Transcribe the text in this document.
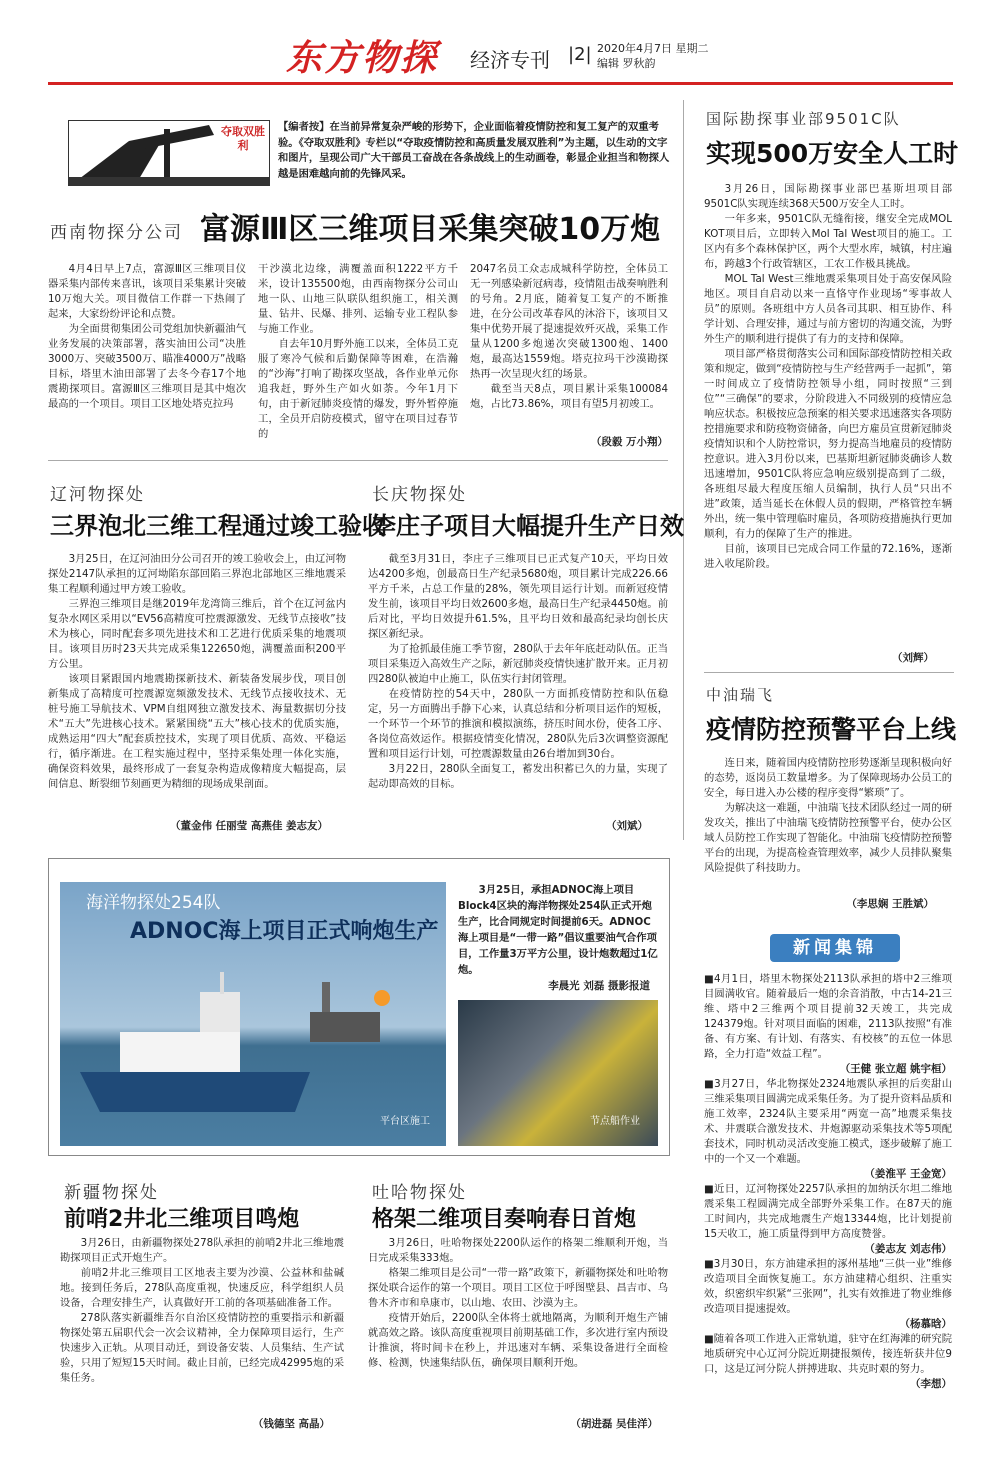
东方物探 经济专刊 |2| 2020年4月7日 星期二
编辑 罗秋韵
夺取双胜利
【编者按】在当前异常复杂严峻的形势下，企业面临着疫情防控和复工复产的双重考验。《夺取双胜利》专栏以“夺取疫情防控和高质量发展双胜利”为主题，以生动的文字和图片，呈现公司广大干部员工奋战在各条战线上的生动画卷，彰显企业担当和物探人越是困难越向前的先锋风采。
西南物探分公司 富源Ⅲ区三维项目采集突破10万炮

4月4日早上7点，富源Ⅲ区三维项目仪器采集内部传来喜讯，该项目采集累计突破10万炮大关。项目微信工作群一下热闹了起来，大家纷纷评论和点赞。

为全面贯彻集团公司党组加快新疆油气业务发展的决策部署，落实油田公司“决胜3000万、突破3500万、瞄准4000万”战略目标，塔里木油田部署了去冬今春17个地震勘探项目。富源Ⅲ区三维项目是其中炮次最高的一个项目。项目工区地处塔克拉玛

干沙漠北边缘，满覆盖面积1222平方千米，设计135500炮，由西南物探分公司山地一队、山地三队联队组织施工，相关测量、钻井、民爆、排列、运输专业工程队参与施工作业。

自去年10月野外施工以来，全体员工克服了寒冷气候和后勤保障等困难，在浩瀚的“沙海”打响了勘探攻坚战，各作业单元你追我赶，野外生产如火如荼。今年1月下旬，由于新冠肺炎疫情的爆发，野外暂停施工，全员开启防疫模式，留守在项目过春节的

2047名员工众志成城科学防控，全体员工无一列感染新冠病毒，疫情阻击战奏响胜利的号角。2月底，随着复工复产的不断推进，在分公司改革春风的沐浴下，该项目又集中优势开展了提速提效歼灭战，采集工作量从1200多炮递次突破1300炮、1400炮，最高达1559炮。塔克拉玛干沙漠勘探热再一次呈现火红的场景。

截至当天8点，项目累计采集100084炮，占比73.86%，项目有望5月初竣工。

（段毅 万小翔）
辽河物探处
三界泡北三维工程通过竣工验收

3月25日，在辽河油田分公司召开的竣工验收会上，由辽河物探处2147队承担的辽河坳陷东部回陷三界泡北部地区三维地震采集工程顺利通过甲方竣工验收。

三界泡三维项目是继2019年龙湾筒三维后，首个在辽河盆内复杂水网区采用以“EV56高精度可控震源激发、无线节点接收”技术为核心，同时配套多项先进技术和工艺进行优质采集的地震项目。该项目历时23天共完成采集122650炮，满覆盖面积200平方公里。

该项目紧跟国内地震勘探新技术、新装备发展步伐，项目创新集成了高精度可控震源宽频激发技术、无线节点接收技术、无桩号施工导航技术、VPM自组网独立激发技术、海量数据切分技术“五大”先进核心技术。紧紧围绕“五大”核心技术的优质实施，成熟运用“四大”配套质控技术，实现了项目优质、高效、平稳运行，循序渐进。在工程实施过程中，坚持采集处理一体化实施，确保资料效果，最终形成了一套复杂构造成像精度大幅提高，层间信息、断裂细节刻画更为精细的现场成果剖面。

（董金伟 任丽莹 高燕佳 姜志友）
长庆物探处
李庄子项目大幅提升生产日效

截至3月31日，李庄子三维项目已正式复产10天，平均日效达4200多炮，创最高日生产纪录5680炮，项目累计完成226.66平方千米，占总工作量的28%，领先项目运行计划。而新冠疫情发生前，该项目平均日效2600多炮，最高日生产纪录4450炮。前后对比，平均日效提升61.5%，且平均日效和最高纪录均创长庆探区新纪录。

为了抢抓最佳施工季节窗，280队于去年年底赶动队伍。正当项目采集迈入高效生产之际，新冠肺炎疫情快速扩散开来。正月初四280队被迫中止施工，队伍实行封闭管理。

在疫情防控的54天中，280队一方面抓疫情防控和队伍稳定，另一方面腾出手静下心来，认真总结和分析项目运作的短板，一个环节一个环节的推演和模拟演练，挤压时间水份，使各工序、各岗位高效运作。根据疫情变化情况，280队先后3次调整资源配置和项目运行计划，可控震源数量由26台增加到30台。

3月22日，280队全面复工，蓄发出积蓄已久的力量，实现了起动即高效的目标。

（刘斌）
国际勘探事业部9501C队
实现500万安全人工时

3月26日，国际勘探事业部巴基斯坦项目部9501C队实现连续368天500万安全人工时。

一年多来，9501C队无缝衔接，继安全完成MOL KOT项目后，立即转入Mol Tal West项目的施工。工区内有多个森林保护区，两个大型水库，城镇，村庄遍布，跨越3个行政管辖区，工农工作极具挑战。

MOL Tal West三维地震采集项目处于高安保风险地区。项目自启动以来一直恪守作业现场“零事故人员”的原则。各班组中方人员各司其职、相互协作、科学计划、合理安排，通过与前方密切的沟通交流，为野外生产的顺利进行提供了有力的支持和保障。

项目部严格贯彻落实公司和国际部疫情防控相关政策和规定，做到“疫情防控与生产经营两手一起抓”，第一时间成立了疫情防控领导小组，同时按照“三到位”“三确保”的要求，分阶段进入不同级别的疫情应急响应状态。积极按应急预案的相关要求迅速落实各项防控措施要求和防疫物资储备，向巴方雇员宣贯新冠肺炎疫情知识和个人防控常识，努力提高当地雇员的疫情防控意识。进入3月份以来，巴基斯坦新冠肺炎确诊人数迅速增加，9501C队将应急响应级别提高到了二级，各班组尽最大程度压缩人员编制，执行人员“只出不进”政策，适当延长在休假人员的假期，严格管控车辆外出，统一集中管理临时雇员，各项防疫措施执行更加顺利，有力的保障了生产的推进。

目前，该项目已完成合同工作量的72.16%，逐渐进入收尾阶段。

（刘辉）
中油瑞飞
疫情防控预警平台上线

连日来，随着国内疫情防控形势逐渐呈现积极向好的态势，返岗员工数量增多。为了保障现场办公员工的安全，每日进入办公楼的程序变得“繁琐”了。

为解决这一难题，中油瑞飞技术团队经过一周的研发攻关，推出了中油瑞飞疫情防控预警平台，使办公区域人员防控工作实现了智能化。中油瑞飞疫情防控预警平台的出现，为提高检查管理效率，减少人员排队聚集风险提供了科技助力。

（李思娴 王胜斌）
海洋物探处254队
ADNOC海上项目正式响炮生产
平台区施工
3月25日，承担ADNOC海上项目Block4区块的海洋物探处254队正式开炮生产，比合同规定时间提前6天。ADNOC海上项目是“一带一路”倡议重要油气合作项目，工作量3万平方公里，设计炮数超过1亿炮。
李晨光 刘磊 摄影报道
节点船作业
新疆物探处
前哨2井北三维项目鸣炮

3月26日，由新疆物探处278队承担的前哨2井北三维地震勘探项目正式开炮生产。

前哨2井北三维项目工区地表主要为沙漠、公益林和盐碱地。接到任务后，278队高度重视，快速反应，科学组织人员设备，合理安排生产，认真做好开工前的各项基础准备工作。

278队落实新疆维吾尔自治区疫情防控的重要指示和新疆物探处第五届职代会一次会议精神，全力保障项目运行，生产快速步入正轨。从项目动迁，到设备安装、人员集结、生产试验，只用了短短15天时间。截止目前，已经完成42995炮的采集任务。

（钱德坚 高晶）
吐哈物探处
格架二维项目奏响春日首炮

3月26日，吐哈物探处2200队运作的格架二维顺利开炮，当日完成采集333炮。

格架二维项目是公司“一带一路”政策下，新疆物探处和吐哈物探处联合运作的第一个项目。项目工区位于呼图壁县、昌吉市、乌鲁木齐市和阜康市，以山地、农田、沙漠为主。

疫情开始后，2200队全体将士就地隔离，为顺利开炮生产铺就高效之路。该队高度重视项目前期基础工作，多次进行室内预设计推演，将时间卡在秒上，并迅速对车辆、采集设备进行全面检修、检测，快速集结队伍，确保项目顺利开炮。

（胡进磊 吴佳洋）
新闻集锦
■4月1日，塔里木物探处2113队承担的塔中2三维项目圆满收官。随着最后一炮的余音消散，中古14-21三维、塔中2三维两个项目提前32天竣工，共完成124379炮。针对项目面临的困难，2113队按照“有准备、有方案、有计划、有落实、有校核”的五位一体思路，全力打造“效益工程”。
（王健 张立超 姚宇桓）
■3月27日，华北物探处2324地震队承担的后奕甜山三维采集项目圆满完成采集任务。为了提升资料品质和施工效率，2324队主要采用“两宽一高”地震采集技术、井震联合激发技术、井炮源驱动采集技术等5项配套技术，同时机动灵活改变施工模式，逐步破解了施工中的一个又一个难题。
（姜淮平 王金宽）
■近日，辽河物探处2257队承担的加纳沃尔坦二维地震采集工程圆满完成全部野外采集工作。在87天的施工时间内，共完成地震生产炮13344炮，比计划提前15天收工，施工质量得到甲方高度赞誉。
（姜志友 刘志伟）
■3月30日，东方油建承担的涿州基地“三供一业”维修改造项目全面恢复施工。东方油建精心组织、注重实效，织密织牢织紧“三张网”，扎实有效推进了物业维修改造项目提速提效。
（杨慕晗）
■随着各项工作进入正常轨道，驻守在红海滩的研究院地质研究中心辽河分院近期捷报频传，接连斩获井位9口，这是辽河分院人拼搏进取、共克时艰的努力。
（李想）
